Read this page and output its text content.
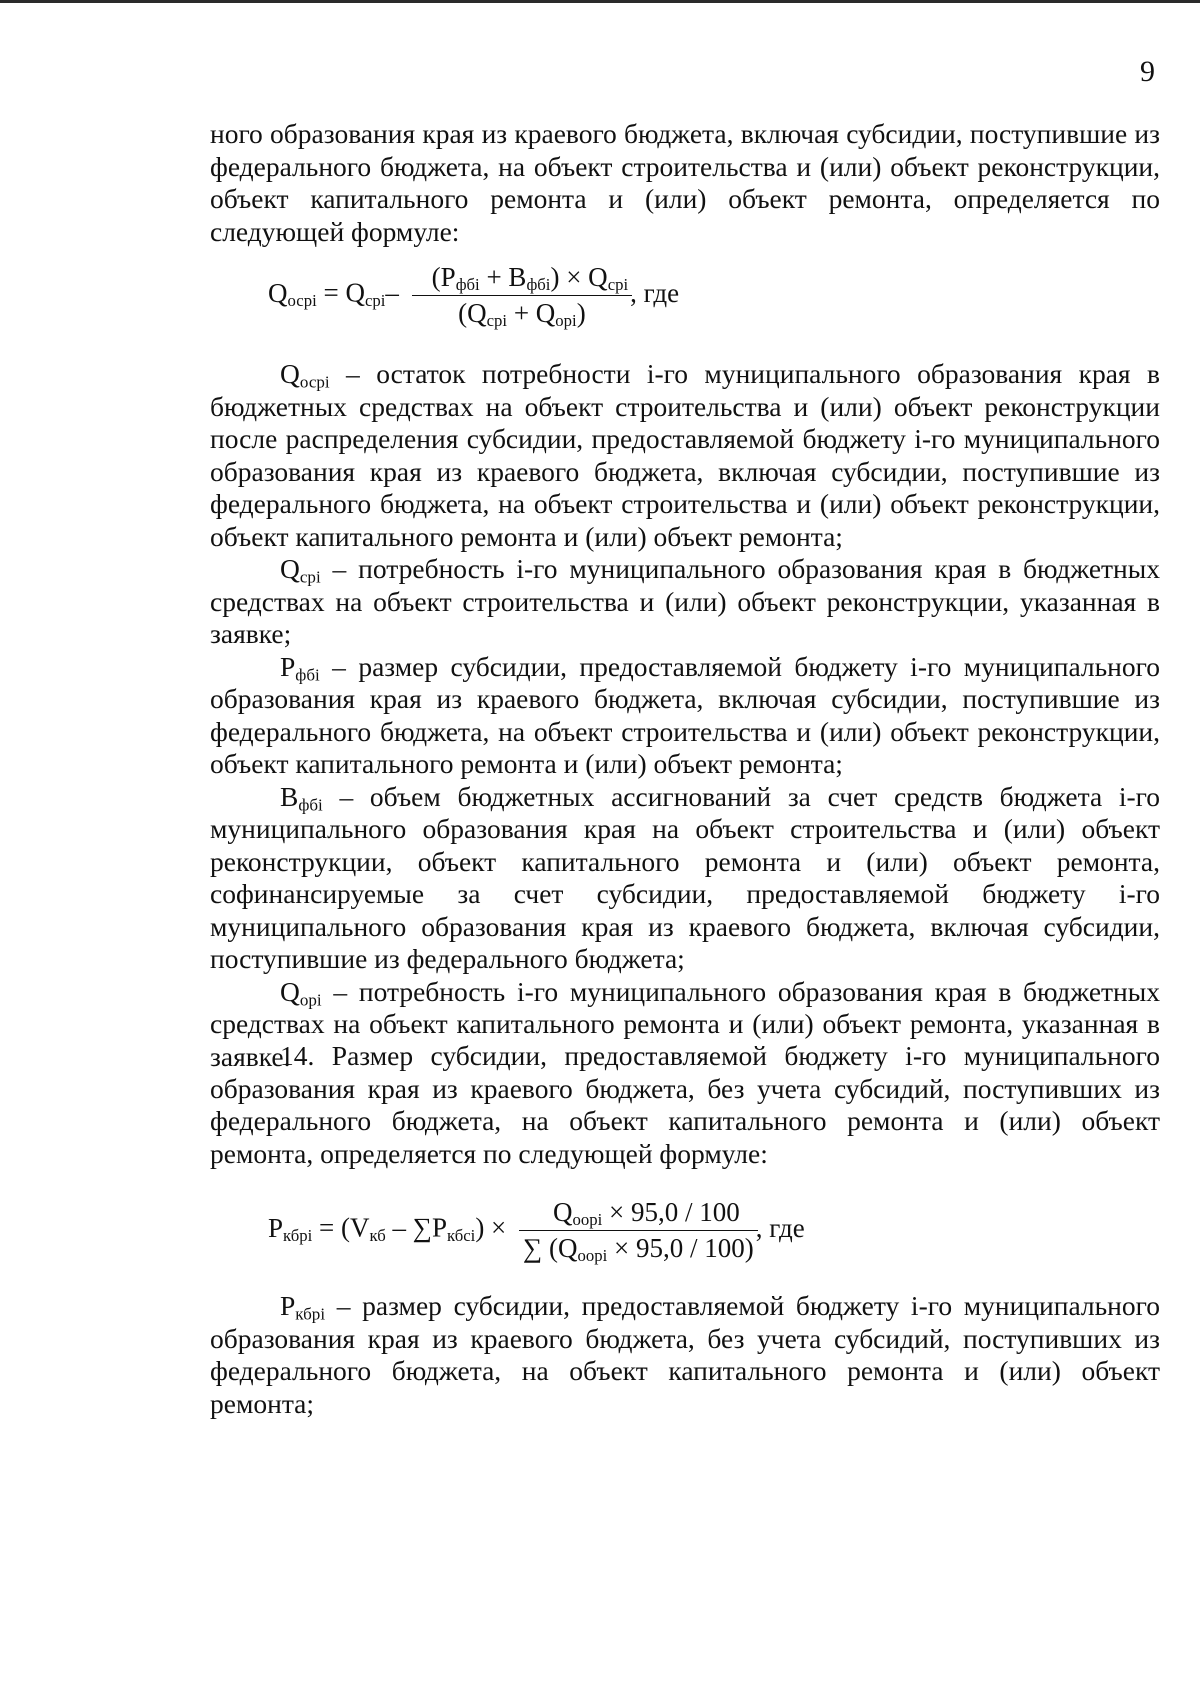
9

ного образования края из краевого бюджета, включая субсидии, поступившие из федерального бюджета, на объект строительства и (или) объект реконструкции, объект капитального ремонта и (или) объект ремонта, определяется по следующей формуле:

$Q_{осрi} = Q_{срi}- \frac{(Р_{фбi} + В_{фбi}) \times Q_{срi}}{(Q_{срi} + Q_{орi})}$
, где

$Q_{осрi}$ – остаток потребности i-го муниципального образования края в бюджетных средствах на объект строительства и (или) объект реконструкции после распределения субсидии, предоставляемой бюджету i-го муниципального образования края из краевого бюджета, включая субсидии, поступившие из федерального бюджета, на объект строительства и (или) объект реконструкции, объект капитального ремонта и (или) объект ремонта;

$Q_{срi}$ – потребность i-го муниципального образования края в бюджетных средствах на объект строительства и (или) объект реконструкции, указанная в заявке;

$Р_{фбi}$ – размер субсидии, предоставляемой бюджету i-го муниципального образования края из краевого бюджета, включая субсидии, поступившие из федерального бюджета, на объект строительства и (или) объект реконструкции, объект капитального ремонта и (или) объект ремонта;

$В_{фбi}$ – объем бюджетных ассигнований за счет средств бюджета i-го муниципального образования края на объект строительства и (или) объект реконструкции, объект капитального ремонта и (или) объект ремонта, софинансируемые за счет субсидии, предоставляемой бюджету i-го муниципального образования края из краевого бюджета, включая субсидии, поступившие из федерального бюджета;

$Q_{орi}$ – потребность i-го муниципального образования края в бюджетных средствах на объект капитального ремонта и (или) объект ремонта, указанная в заявке.

14. Размер субсидии, предоставляемой бюджету i-го муниципального образования края из краевого бюджета, без учета субсидий, поступивших из федерального бюджета, на объект капитального ремонта и (или) объект ремонта, определяется по следующей формуле:

$Р_{кбрi} = (V_{кб} - \sum Р_{кбсi}) \times \frac{Q_{оорi} \times 95,0 / 100}{\sum (Q_{оорi} \times 95,0 / 100)}$
, где

$Р_{кбрi}$ – размер субсидии, предоставляемой бюджету i-го муниципального образования края из краевого бюджета, без учета субсидий, поступивших из федерального бюджета, на объект капитального ремонта и (или) объект ремонта;
